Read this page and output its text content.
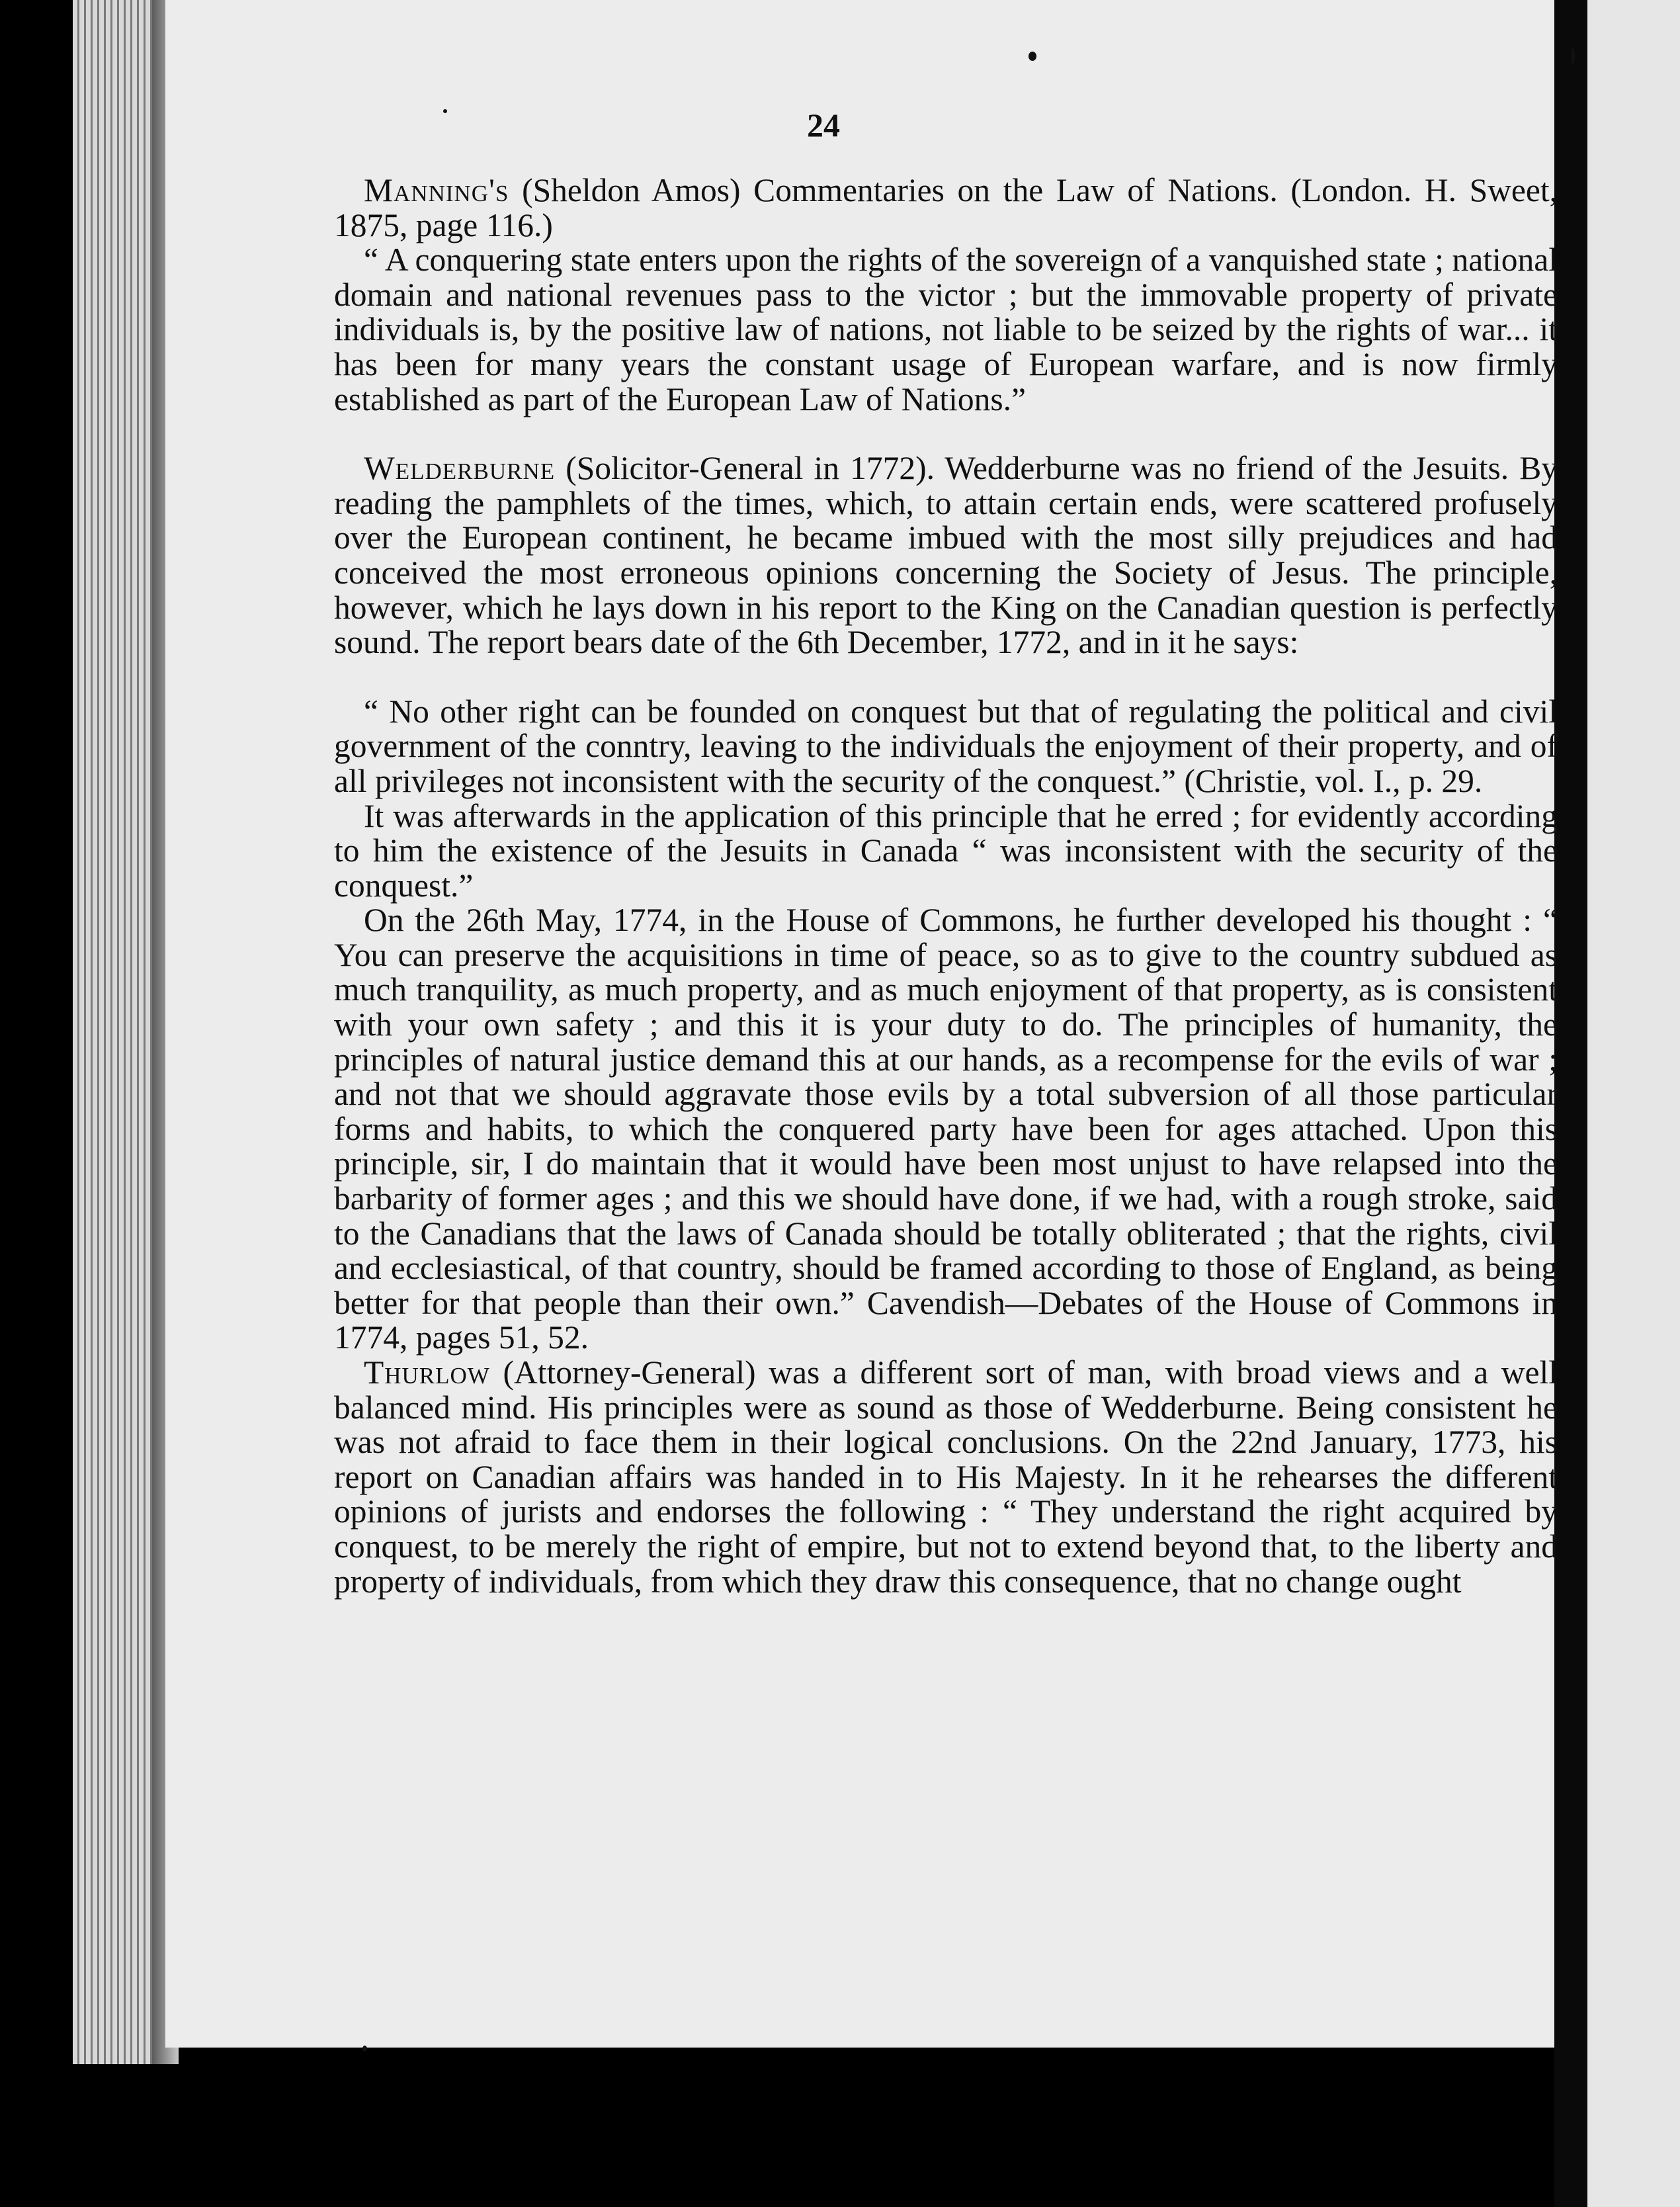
24

Manning's (Sheldon Amos) Commentaries on the Law of Nations. (London. H. Sweet, 1875, page 116.)

“ A conquering state enters upon the rights of the sovereign of a vanquished state ; national domain and national revenues pass to the victor ; but the immovable property of private individuals is, by the positive law of nations, not liable to be seized by the rights of war... it has been for many years the constant usage of European warfare, and is now firmly established as part of the European Law of Nations.”

Welderburne (Solicitor-General in 1772). Wedderburne was no friend of the Jesuits. By reading the pamphlets of the times, which, to attain certain ends, were scattered profusely over the European continent, he became imbued with the most silly prejudices and had conceived the most erroneous opinions concerning the Society of Jesus. The principle, however, which he lays down in his report to the King on the Canadian question is perfectly sound. The report bears date of the 6th December, 1772, and in it he says:

“ No other right can be founded on conquest but that of regulating the political and civil government of the conntry, leaving to the individuals the enjoyment of their property, and of all privileges not inconsistent with the security of the conquest.” (Christie, vol. I., p. 29.

It was afterwards in the application of this principle that he erred ; for evidently according to him the existence of the Jesuits in Canada “ was inconsistent with the security of the conquest.”

On the 26th May, 1774, in the House of Commons, he further developed his thought : “ You can preserve the acquisitions in time of peace, so as to give to the country subdued as much tranquility, as much property, and as much enjoyment of that property, as is consistent with your own safety ; and this it is your duty to do. The principles of humanity, the principles of natural justice demand this at our hands, as a recompense for the evils of war ; and not that we should aggravate those evils by a total subversion of all those particular forms and habits, to which the conquered party have been for ages attached. Upon this principle, sir, I do maintain that it would have been most unjust to have relapsed into the barbarity of former ages ; and this we should have done, if we had, with a rough stroke, said to the Canadians that the laws of Canada should be totally obliterated ; that the rights, civil and ecclesiastical, of that country, should be framed according to those of England, as being better for that people than their own.” Cavendish—Debates of the House of Commons in 1774, pages 51, 52.

Thurlow (Attorney-General) was a different sort of man, with broad views and a well balanced mind. His principles were as sound as those of Wedderburne. Being consistent he was not afraid to face them in their logical conclusions. On the 22nd January, 1773, his report on Canadian affairs was handed in to His Majesty. In it he rehearses the different opinions of jurists and endorses the following : “ They understand the right acquired by conquest, to be merely the right of empire, but not to extend beyond that, to the liberty and property of individuals, from which they draw this consequence, that no change ought
